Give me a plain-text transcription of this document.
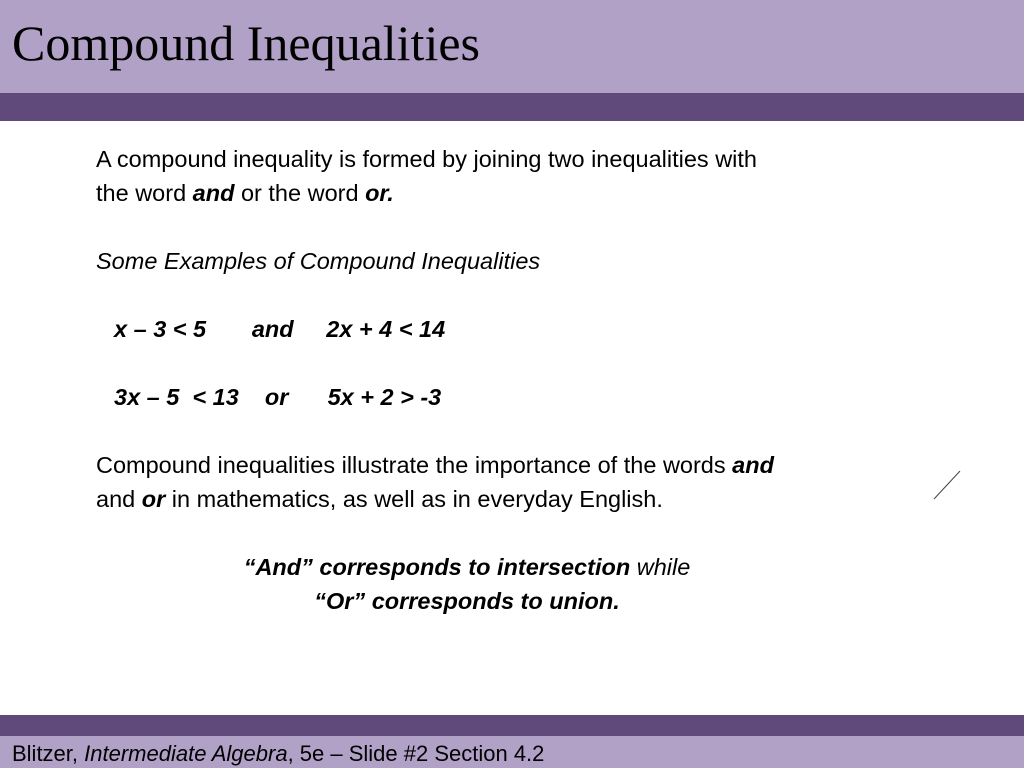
Compound Inequalities

A compound inequality is formed by joining two inequalities with
the word and or the word or.

Some Examples of Compound Inequalities

x – 3 < 5       and     2x + 4 < 14

3x – 5  < 13    or      5x + 2 > -3

Compound inequalities illustrate the importance of the words and
and or in mathematics, as well as in everyday English.

“And” corresponds to intersection while
“Or” corresponds to union.

Blitzer, Intermediate Algebra, 5e – Slide #2 Section 4.2
